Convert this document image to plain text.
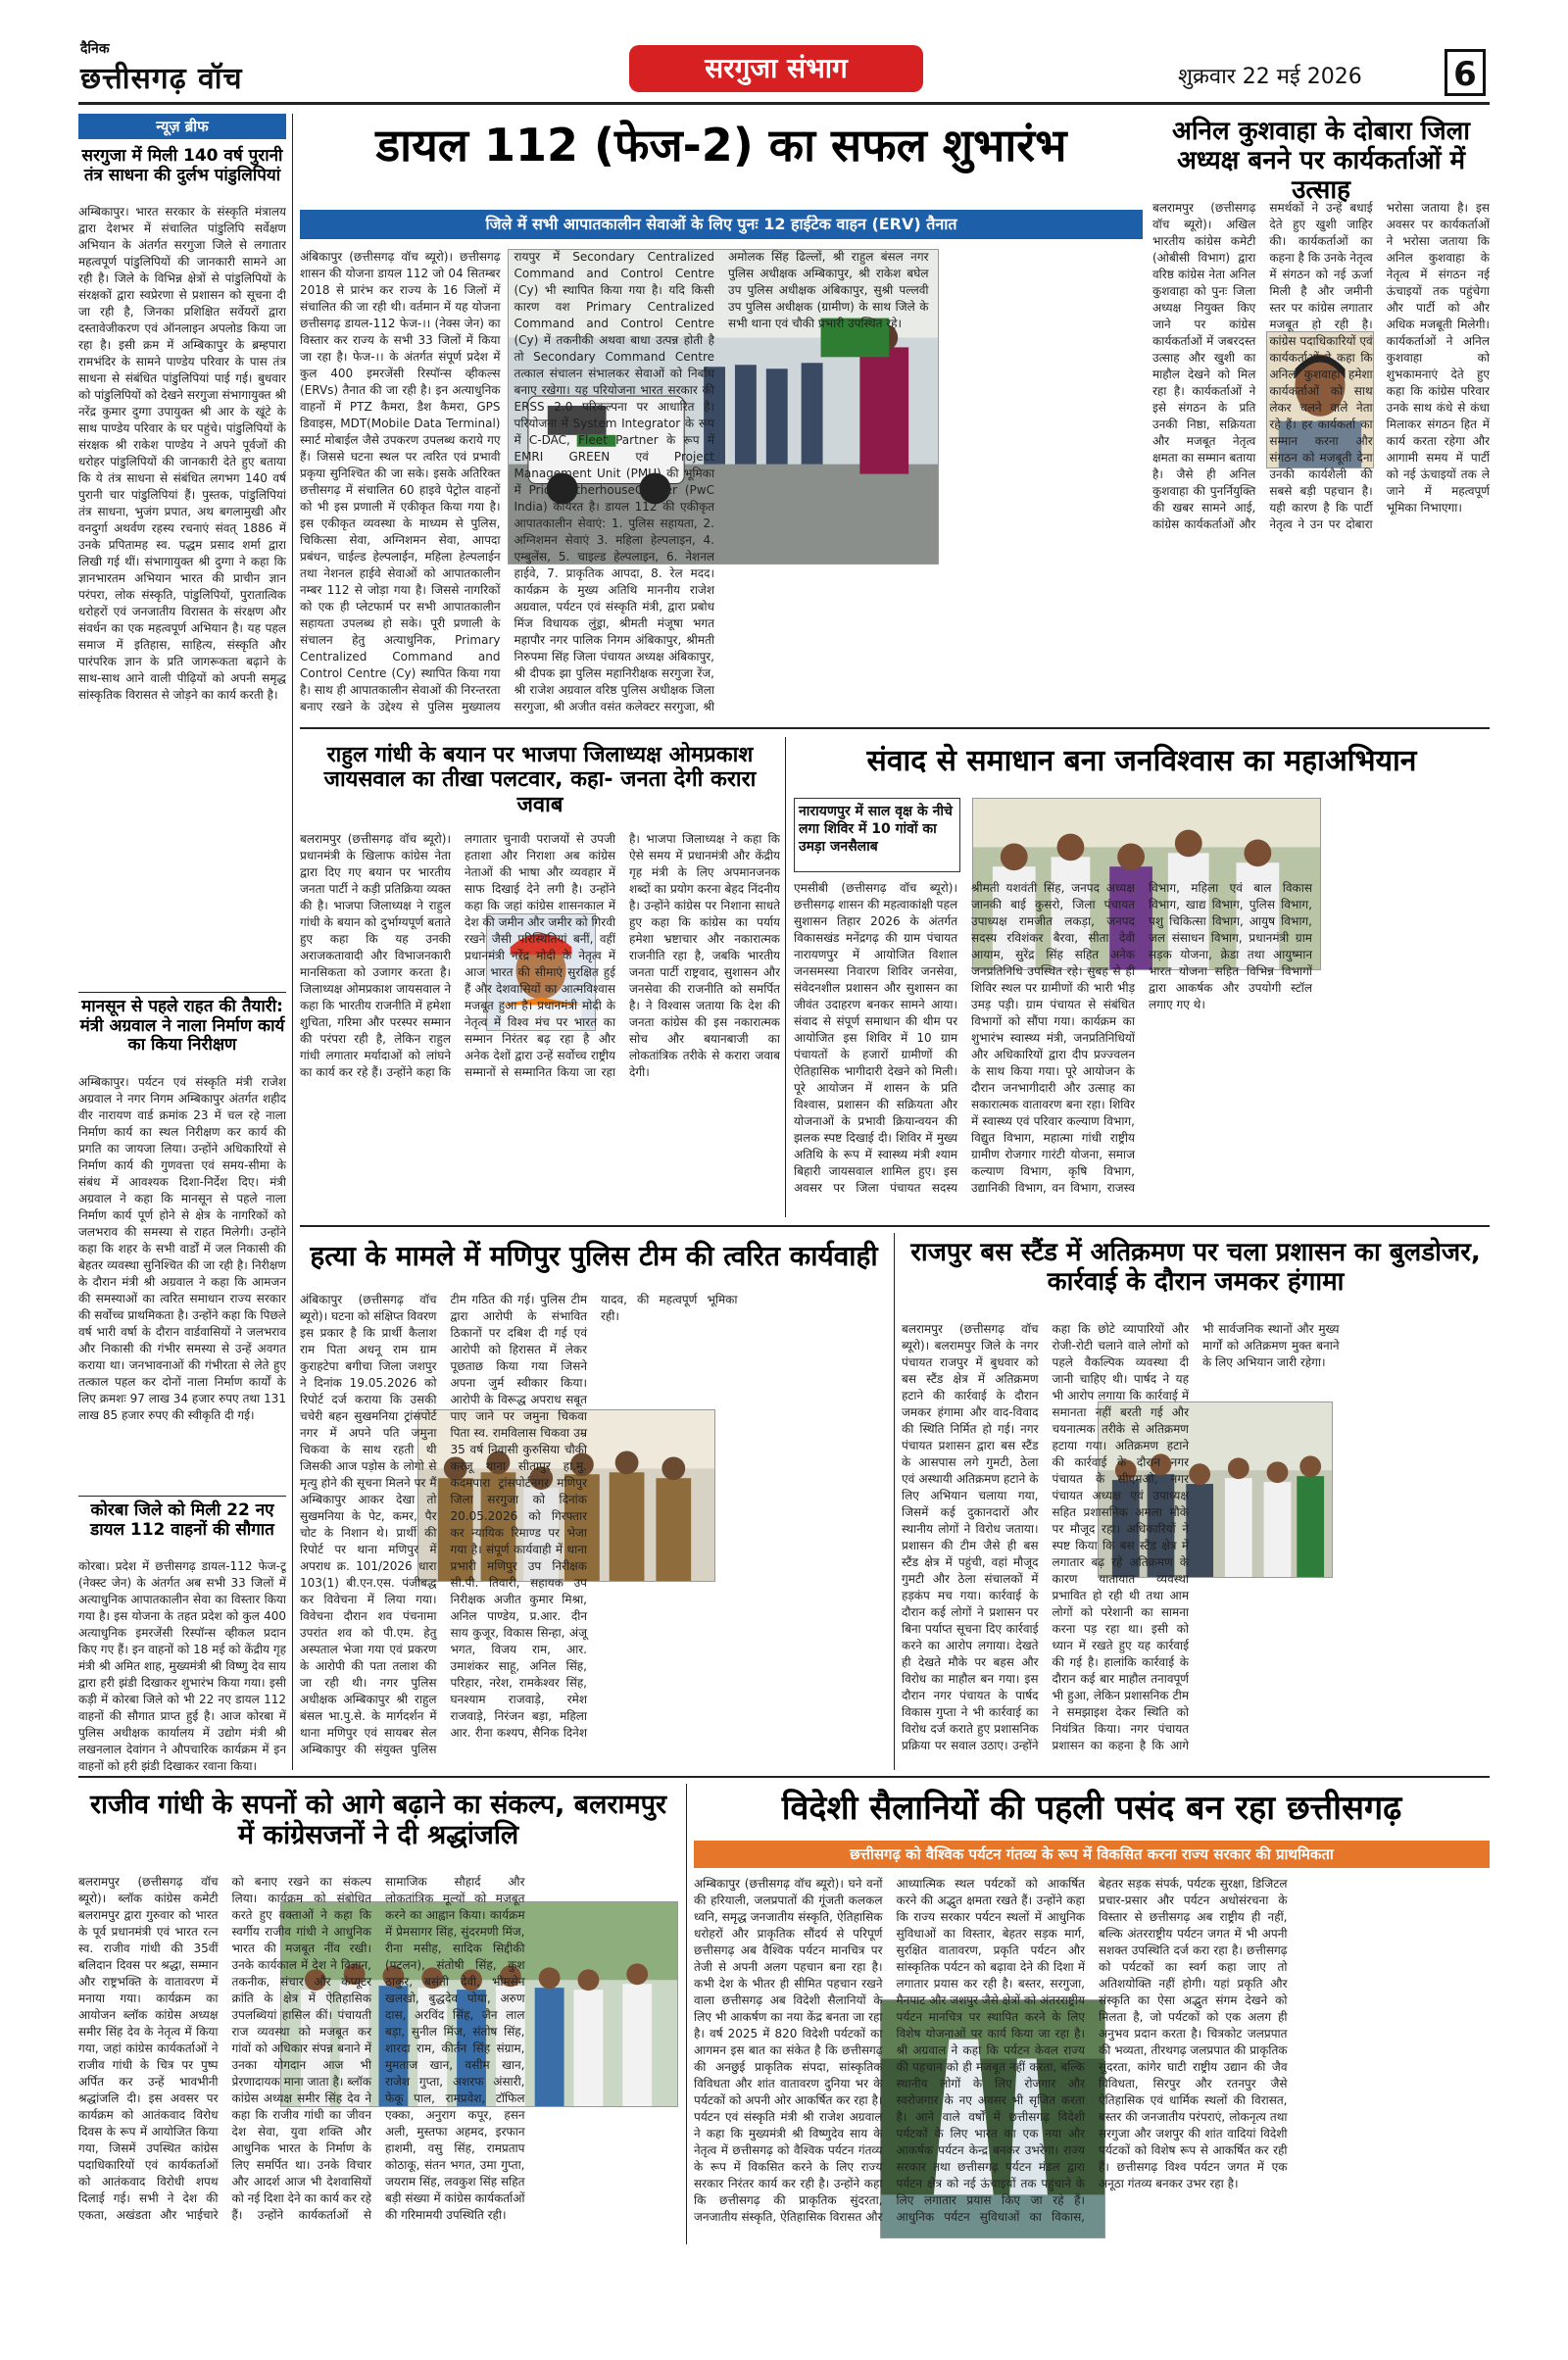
दैनिक
छत्तीसगढ़ वॉच	सरगुजा संभाग	शुक्रवार 22 मई 2026	6
न्यूज़ ब्रीफ
सरगुजा में मिली 140 वर्ष पुरानी तंत्र साधना की दुर्लभ पांडुलिपियां
अम्बिकापुर। भारत सरकार के संस्कृति मंत्रालय द्वारा देशभर में संचालित पांडुलिपि सर्वेक्षण अभियान के अंतर्गत सरगुजा जिले से लगातार महत्वपूर्ण पांडुलिपियों की जानकारी सामने आ रही है। जिले के विभिन्न क्षेत्रों से पांडुलिपियों के संरक्षकों द्वारा स्वप्रेरणा से प्रशासन को सूचना दी जा रही है, जिनका प्रशिक्षित सर्वेयरों द्वारा दस्तावेजीकरण एवं ऑनलाइन अपलोड किया जा रहा है। इसी क्रम में अम्बिकापुर के ब्रम्हपारा रामभंदिर के सामने पाण्डेय परिवार के पास तंत्र साधना से संबंधित पांडुलिपियां पाई गई। बुधवार को पांडुलिपियों को देखने सरगुजा संभागायुक्त श्री नरेंद्र कुमार दुग्गा उपायुक्त श्री आर के खूंटे के साथ पाण्डेय परिवार के घर पहुंचे। पांडुलिपियों के संरक्षक श्री राकेश पाण्डेय ने अपने पूर्वजों की धरोहर पांडुलिपियों की जानकारी देते हुए बताया कि ये तंत्र साधना से संबंधित लगभग 140 वर्ष पुरानी चार पांडुलिपियां हैं। पुस्तक, पांडुलिपियां तंत्र साधना, भुजंग प्रपात, अथ बगलामुखी और वनदुर्गा अथर्वण रहस्य रचनाएं संवत् 1886 में उनके प्रपितामह स्व. पद्धम प्रसाद शर्मा द्वारा लिखी गई थीं। संभागायुक्त श्री दुग्गा ने कहा कि ज्ञानभारतम अभियान भारत की प्राचीन ज्ञान परंपरा, लोक संस्कृति, पांडुलिपियों, पुरातात्विक धरोहरों एवं जनजातीय विरासत के संरक्षण और संवर्धन का एक महत्वपूर्ण अभियान है। यह पहल समाज में इतिहास, साहित्य, संस्कृति और पारंपरिक ज्ञान के प्रति जागरूकता बढ़ाने के साथ-साथ आने वाली पीढ़ियों को अपनी समृद्ध सांस्कृतिक विरासत से जोड़ने का कार्य करती है।
मानसून से पहले राहत की तैयारी: मंत्री अग्रवाल ने नाला निर्माण कार्य का किया निरीक्षण
अम्बिकापुर। पर्यटन एवं संस्कृति मंत्री राजेश अग्रवाल ने नगर निगम अम्बिकापुर अंतर्गत शहीद वीर नारायण वार्ड क्रमांक 23 में चल रहे नाला निर्माण कार्य का स्थल निरीक्षण कर कार्य की प्रगति का जायजा लिया। उन्होंने अधिकारियों से निर्माण कार्य की गुणवत्ता एवं समय-सीमा के संबंध में आवश्यक दिशा-निर्देश दिए। मंत्री अग्रवाल ने कहा कि मानसून से पहले नाला निर्माण कार्य पूर्ण होने से क्षेत्र के नागरिकों को जलभराव की समस्या से राहत मिलेगी। उन्होंने कहा कि शहर के सभी वार्डों में जल निकासी की बेहतर व्यवस्था सुनिश्चित की जा रही है। निरीक्षण के दौरान मंत्री श्री अग्रवाल ने कहा कि आमजन की समस्याओं का त्वरित समाधान राज्य सरकार की सर्वोच्च प्राथमिकता है। उन्होंने कहा कि पिछले वर्ष भारी वर्षा के दौरान वार्डवासियों ने जलभराव और निकासी की गंभीर समस्या से उन्हें अवगत कराया था। जनभावनाओं की गंभीरता से लेते हुए तत्काल पहल कर दोनों नाला निर्माण कार्यों के लिए क्रमशः 97 लाख 34 हजार रुपए तथा 131 लाख 85 हजार रुपए की स्वीकृति दी गई।
कोरबा जिले को मिली 22 नए डायल 112 वाहनों की सौगात
कोरबा। प्रदेश में छत्तीसगढ़ डायल-112 फेज-टू (नेक्स्ट जेन) के अंतर्गत अब सभी 33 जिलों में अत्याधुनिक आपातकालीन सेवा का विस्तार किया गया है। इस योजना के तहत प्रदेश को कुल 400 अत्याधुनिक इमरजेंसी रिस्पॉन्स व्हीकल प्रदान किए गए हैं। इन वाहनों को 18 मई को केंद्रीय गृह मंत्री श्री अमित शाह, मुख्यमंत्री श्री विष्णु देव साय द्वारा हरी झंडी दिखाकर शुभारंभ किया गया। इसी कड़ी में कोरबा जिले को भी 22 नए डायल 112 वाहनों की सौगात प्राप्त हुई है। आज कोरबा में पुलिस अधीक्षक कार्यालय में उद्योग मंत्री श्री लखनलाल देवांगन ने औपचारिक कार्यक्रम में इन वाहनों को हरी झंडी दिखाकर रवाना किया।
डायल 112 (फेज-2) का सफल शुभारंभ
जिले में सभी आपातकालीन सेवाओं के लिए पुनः 12 हाईटेक वाहन (ERV) तैनात
अंबिकापुर (छत्तीसगढ़ वॉच ब्यूरो)। छत्तीसगढ़ शासन की योजना डायल 112 जो 04 सितम्बर 2018 से प्रारंभ कर राज्य के 16 जिलों में संचालित की जा रही थी। वर्तमान में यह योजना छत्तीसगढ़ डायल-112 फेज-।। (नेक्स जेन) का विस्तार कर राज्य के सभी 33 जिलों में किया जा रहा है। फेज-।। के अंतर्गत संपूर्ण प्रदेश में कुल 400 इमरजेंसी रिस्पॉन्स व्हीकल्स (ERVs) तैनात की जा रही है। इन अत्याधुनिक वाहनों में PTZ कैमरा, डैश कैमरा, GPS डिवाइस, MDT(Mobile Data Terminal) स्मार्ट मोबाईल जैसे उपकरण उपलब्ध कराये गए हैं। जिससे घटना स्थल पर त्वरित एवं प्रभावी प्रकृया सुनिश्चित की जा सके। इसके अतिरिक्त छत्तीसगढ़ में संचालित 60 हाइवे पेट्रोल वाहनों को भी इस प्रणाली में एकीकृत किया गया है। इस एकीकृत व्यवस्था के माध्यम से पुलिस, चिकित्सा सेवा, अग्निशमन सेवा, आपदा प्रबंधन, चाईल्ड हेल्पलाईन, महिला हेल्पलाईन तथा नेशनल हाईवे सेवाओं को आपातकालीन नम्बर 112 से जोड़ा गया है। जिससे नागरिकों को एक ही प्लेटफार्म पर सभी आपातकालीन सहायता उपलब्ध हो सके। पूरी प्रणाली के संचालन हेतु अत्याधुनिक, Primary Centralized Command and Control Centre (Cy) स्थापित किया गया है। साथ ही आपातकालीन सेवाओं की निरन्तरता बनाए रखने के उद्देश्य से पुलिस मुख्यालय रायपुर में Secondary Centralized Command and Control Centre (Cy) भी स्थापित किया गया है। यदि किसी कारण वश Primary Centralized Command and Control Centre (Cy) में तकनीकी अथवा बाधा उत्पन्न होती है तो Secondary Command Centre तत्काल संचालन संभालकर सेवाओं को निर्बाध बनाए रखेगा। यह परियोजना भारत सरकार की ERSS 2.0 परिकल्पना पर आधारित है। परियोजना में System Integrator के रूप में C-DAC, Fleet Partner के रूप में EMRI GREEN एवं Project Management Unit (PMU) की भूमिका में PriceWatherhouseCooper (PwC India) कार्यरत है। डायल 112 की एकीकृत आपातकालीन सेवाएं: 1. पुलिस सहायता, 2. अग्निशमन सेवाएं 3. महिला हेल्पलाइन, 4. एम्बुलेंस, 5. चाइल्ड हेल्पलाइन, 6. नेशनल हाईवे, 7. प्राकृतिक आपदा, 8. रेल मदद। कार्यक्रम के मुख्य अतिथि माननीय राजेश अग्रवाल, पर्यटन एवं संस्कृति मंत्री, द्वारा प्रबोध मिंज विधायक लुंड्रा, श्रीमती मंजूषा भगत महापौर नगर पालिक निगम अंबिकापुर, श्रीमती निरुपमा सिंह जिला पंचायत अध्यक्ष अंबिकापुर, श्री दीपक झा पुलिस महानिरीक्षक सरगुजा रेंज, श्री राजेश अग्रवाल वरिष्ठ पुलिस अधीक्षक जिला सरगुजा, श्री अजीत वसंत कलेक्टर सरगुजा, श्री अमोलक सिंह ढिल्लों, श्री राहुल बंसल नगर पुलिस अधीक्षक अम्बिकापुर, श्री राकेश बघेल उप पुलिस अधीक्षक अंबिकापुर, सुश्री पल्लवी उप पुलिस अधीक्षक (ग्रामीण) के साथ जिले के सभी थाना एवं चौकी प्रभारी उपस्थित रहे।
अनिल कुशवाहा के दोबारा जिला अध्यक्ष बनने पर कार्यकर्ताओं में उत्साह
बलरामपुर (छत्तीसगढ़ वॉच ब्यूरो)। अखिल भारतीय कांग्रेस कमेटी (ओबीसी विभाग) द्वारा वरिष्ठ कांग्रेस नेता अनिल कुशवाहा को पुनः जिला अध्यक्ष नियुक्त किए जाने पर कांग्रेस कार्यकर्ताओं में जबरदस्त उत्साह और खुशी का माहौल देखने को मिल रहा है। कार्यकर्ताओं ने इसे संगठन के प्रति उनकी निष्ठा, सक्रियता और मजबूत नेतृत्व क्षमता का सम्मान बताया है। जैसे ही अनिल कुशवाहा की पुनर्नियुक्ति की खबर सामने आई, कांग्रेस कार्यकर्ताओं और समर्थकों ने उन्हें बधाई देते हुए खुशी जाहिर की। कार्यकर्ताओं का कहना है कि उनके नेतृत्व में संगठन को नई ऊर्जा मिली है और जमीनी स्तर पर कांग्रेस लगातार मजबूत हो रही है। कांग्रेस पदाधिकारियों एवं कार्यकर्ताओं ने कहा कि अनिल कुशवाहा हमेशा कार्यकर्ताओं को साथ लेकर चलने वाले नेता रहे हैं। हर कार्यकर्ता का सम्मान करना और संगठन को मजबूती देना उनकी कार्यशैली की सबसे बड़ी पहचान है। यही कारण है कि पार्टी नेतृत्व ने उन पर दोबारा भरोसा जताया है। इस अवसर पर कार्यकर्ताओं ने भरोसा जताया कि अनिल कुशवाहा के नेतृत्व में संगठन नई ऊंचाइयों तक पहुंचेगा और पार्टी को और अधिक मजबूती मिलेगी। कार्यकर्ताओं ने अनिल कुशवाहा को शुभकामनाएं देते हुए कहा कि कांग्रेस परिवार उनके साथ कंधे से कंधा मिलाकर संगठन हित में कार्य करता रहेगा और आगामी समय में पार्टी को नई ऊंचाइयों तक ले जाने में महत्वपूर्ण भूमिका निभाएगा।
राहुल गांधी के बयान पर भाजपा जिलाध्यक्ष ओमप्रकाश जायसवाल का तीखा पलटवार, कहा- जनता देगी करारा जवाब
बलरामपुर (छत्तीसगढ़ वॉच ब्यूरो)। प्रधानमंत्री के खिलाफ कांग्रेस नेता द्वारा दिए गए बयान पर भारतीय जनता पार्टी ने कड़ी प्रतिक्रिया व्यक्त की है। भाजपा जिलाध्यक्ष ने राहुल गांधी के बयान को दुर्भाग्यपूर्ण बताते हुए कहा कि यह उनकी अराजकतावादी और विभाजनकारी मानसिकता को उजागर करता है। जिलाध्यक्ष ओमप्रकाश जायसवाल ने कहा कि भारतीय राजनीति में हमेशा शुचिता, गरिमा और परस्पर सम्मान की परंपरा रही है, लेकिन राहुल गांधी लगातार मर्यादाओं को लांघने का कार्य कर रहे हैं। उन्होंने कहा कि लगातार चुनावी पराजयों से उपजी हताशा और निराशा अब कांग्रेस नेताओं की भाषा और व्यवहार में साफ दिखाई देने लगी है। उन्होंने कहा कि जहां कांग्रेस शासनकाल में देश की जमीन और जमीर को गिरवी रखने जैसी परिस्थितियां बनीं, वहीं प्रधानमंत्री नरेंद्र मोदी के नेतृत्व में आज भारत की सीमाएं सुरक्षित हुई हैं और देशवासियों का आत्मविश्वास मजबूत हुआ है। प्रधानमंत्री मोदी के नेतृत्व में विश्व मंच पर भारत का सम्मान निरंतर बढ़ रहा है और अनेक देशों द्वारा उन्हें सर्वोच्च राष्ट्रीय सम्मानों से सम्मानित किया जा रहा है। भाजपा जिलाध्यक्ष ने कहा कि ऐसे समय में प्रधानमंत्री और केंद्रीय गृह मंत्री के लिए अपमानजनक शब्दों का प्रयोग करना बेहद निंदनीय है। उन्होंने कांग्रेस पर निशाना साधते हुए कहा कि कांग्रेस का पर्याय हमेशा भ्रष्टाचार और नकारात्मक राजनीति रहा है, जबकि भारतीय जनता पार्टी राष्ट्रवाद, सुशासन और जनसेवा की राजनीति को समर्पित है। ने विश्वास जताया कि देश की जनता कांग्रेस की इस नकारात्मक सोच और बयानबाजी का लोकतांत्रिक तरीके से करारा जवाब देगी।
संवाद से समाधान बना जनविश्वास का महाअभियान
नारायणपुर में साल वृक्ष के नीचे लगा शिविर में 10 गांवों का उमड़ा जनसैलाब
एमसीबी (छत्तीसगढ़ वॉच ब्यूरो)। छत्तीसगढ़ शासन की महत्वाकांक्षी पहल सुशासन तिहार 2026 के अंतर्गत विकासखंड मनेंद्रगढ़ की ग्राम पंचायत नारायणपुर में आयोजित विशाल जनसमस्या निवारण शिविर जनसेवा, संवेदनशील प्रशासन और सुशासन का जीवंत उदाहरण बनकर सामने आया। संवाद से संपूर्ण समाधान की थीम पर आयोजित इस शिविर में 10 ग्राम पंचायतों के हजारों ग्रामीणों की ऐतिहासिक भागीदारी देखने को मिली। पूरे आयोजन में शासन के प्रति विश्वास, प्रशासन की सक्रियता और योजनाओं के प्रभावी क्रियान्वयन की झलक स्पष्ट दिखाई दी। शिविर में मुख्य अतिथि के रूप में स्वास्थ्य मंत्री श्याम बिहारी जायसवाल शामिल हुए। इस अवसर पर जिला पंचायत सदस्य श्रीमती यशवंती सिंह, जनपद अध्यक्ष जानकी बाई कुसरो, जिला पंचायत उपाध्यक्ष रामजीत लकड़ा, जनपद सदस्य रविशंकर बैरवा, सीता देवी आयाम, सुरेंद्र सिंह सहित अनेक जनप्रतिनिधि उपस्थित रहे। सुबह से ही शिविर स्थल पर ग्रामीणों की भारी भीड़ उमड़ पड़ी। ग्राम पंचायत से संबंधित विभागों को सौंपा गया। कार्यक्रम का शुभारंभ स्वास्थ्य मंत्री, जनप्रतिनिधियों और अधिकारियों द्वारा दीप प्रज्ज्वलन के साथ किया गया। पूरे आयोजन के दौरान जनभागीदारी और उत्साह का सकारात्मक वातावरण बना रहा। शिविर में स्वास्थ्य एवं परिवार कल्याण विभाग, विद्युत विभाग, महात्मा गांधी राष्ट्रीय ग्रामीण रोजगार गारंटी योजना, समाज कल्याण विभाग, कृषि विभाग, उद्यानिकी विभाग, वन विभाग, राजस्व विभाग, महिला एवं बाल विकास विभाग, खाद्य विभाग, पुलिस विभाग, पशु चिकित्सा विभाग, आयुष विभाग, जल संसाधन विभाग, प्रधानमंत्री ग्राम सड़क योजना, क्रेडा तथा आयुष्मान भारत योजना सहित विभिन्न विभागों द्वारा आकर्षक और उपयोगी स्टॉल लगाए गए थे।
हत्या के मामले में मणिपुर पुलिस टीम की त्वरित कार्यवाही
अंबिकापुर (छत्तीसगढ़ वॉच ब्यूरो)। घटना को संक्षिप्त विवरण इस प्रकार है कि प्रार्थी कैलाश राम पिता अधनू राम ग्राम कुराहटेपा बगीचा जिला जशपुर ने दिनांक 19.05.2026 को रिपोर्ट दर्ज कराया कि उसकी चचेरी बहन सुखमनिया ट्रांसपोर्ट नगर में अपने पति जमुना चिकवा के साथ रहती थी जिसकी आज पड़ोस के लोगो से मृत्यु होने की सूचना मिलने पर मैं अम्बिकापुर आकर देखा तो सुखमनिया के पेट, कमर, पैर चोट के निशान थे। प्रार्थी की रिपोर्ट पर थाना मणिपुर में अपराध क्र. 101/2026 धारा 103(1) बी.एन.एस. पंजीबद्ध कर विवेचना में लिया गया। विवेचना दौरान शव पंचनामा उपरांत शव को पी.एम. हेतु अस्पताल भेजा गया एवं प्रकरण के आरोपी की पता तलाश की जा रही थी। नगर पुलिस अधीक्षक अम्बिकापुर श्री राहुल बंसल भा.पु.से. के मार्गदर्शन में थाना मणिपुर एवं सायबर सेल अम्बिकापुर की संयुक्त पुलिस टीम गठित की गई। पुलिस टीम द्वारा आरोपी के संभावित ठिकानों पर दबिश दी गई एवं आरोपी को हिरासत में लेकर पूछताछ किया गया जिसने अपना जुर्म स्वीकार किया। आरोपी के विरूद्ध अपराध सबूत पाए जाने पर जमुना चिकवा पिता स्व. रामविलास चिकवा उम्र 35 वर्ष निवासी कुरुसिया चौकी करंजू थाना सीतापुर हा.मु. कदमपारा ट्रांसपोर्टनगर मणिपुर जिला सरगुजा को दिनांक 20.05.2026 को गिरफ्तार कर न्यायिक रिमाण्ड पर भेजा गया है। संपूर्ण कार्यवाही में थाना प्रभारी मणिपुर उप निरीक्षक सी.पी. तिवारी, सहायक उप निरीक्षक अजीत कुमार मिश्रा, अनिल पाण्डेय, प्र.आर. दीन साय कुजूर, विकास सिन्हा, अंजू भगत, विजय राम, आर. उमाशंकर साहू, अनिल सिंह, परिहार, नरेश, रामकेश्वर सिंह, घनश्याम राजवाड़े, रमेश राजवाड़े, निरंजन बड़ा, महिला आर. रीना कश्यप, सैनिक दिनेश यादव, की महत्वपूर्ण भूमिका रही।
राजपुर बस स्टैंड में अतिक्रमण पर चला प्रशासन का बुलडोजर, कार्रवाई के दौरान जमकर हंगामा
बलरामपुर (छत्तीसगढ़ वॉच ब्यूरो)। बलरामपुर जिले के नगर पंचायत राजपुर में बुधवार को बस स्टैंड क्षेत्र में अतिक्रमण हटाने की कार्रवाई के दौरान जमकर हंगामा और वाद-विवाद की स्थिति निर्मित हो गई। नगर पंचायत प्रशासन द्वारा बस स्टैंड के आसपास लगे गुमटी, ठेला एवं अस्थायी अतिक्रमण हटाने के लिए अभियान चलाया गया, जिसमें कई दुकानदारों और स्थानीय लोगों ने विरोध जताया। प्रशासन की टीम जैसे ही बस स्टैंड क्षेत्र में पहुंची, वहां मौजूद गुमटी और ठेला संचालकों में हड़कंप मच गया। कार्रवाई के दौरान कई लोगों ने प्रशासन पर बिना पर्याप्त सूचना दिए कार्रवाई करने का आरोप लगाया। देखते ही देखते मौके पर बहस और विरोध का माहौल बन गया। इस दौरान नगर पंचायत के पार्षद विकास गुप्ता ने भी कार्रवाई का विरोध दर्ज कराते हुए प्रशासनिक प्रक्रिया पर सवाल उठाए। उन्होंने कहा कि छोटे व्यापारियों और रोजी-रोटी चलाने वाले लोगों को पहले वैकल्पिक व्यवस्था दी जानी चाहिए थी। पार्षद ने यह भी आरोप लगाया कि कार्रवाई में समानता नहीं बरती गई और चयनात्मक तरीके से अतिक्रमण हटाया गया। अतिक्रमण हटाने की कार्रवाई के दौरान नगर पंचायत के सीएमओ, नगर पंचायत अध्यक्ष एवं उपाध्यक्ष सहित प्रशासनिक अमला मौके पर मौजूद रहा। अधिकारियों ने स्पष्ट किया कि बस स्टैंड क्षेत्र में लगातार बढ़ रहे अतिक्रमण के कारण यातायात व्यवस्था प्रभावित हो रही थी तथा आम लोगों को परेशानी का सामना करना पड़ रहा था। इसी को ध्यान में रखते हुए यह कार्रवाई की गई है। हालांकि कार्रवाई के दौरान कई बार माहौल तनावपूर्ण भी हुआ, लेकिन प्रशासनिक टीम ने समझाइश देकर स्थिति को नियंत्रित किया। नगर पंचायत प्रशासन का कहना है कि आगे भी सार्वजनिक स्थानों और मुख्य मार्गों को अतिक्रमण मुक्त बनाने के लिए अभियान जारी रहेगा।
राजीव गांधी के सपनों को आगे बढ़ाने का संकल्प, बलरामपुर में कांग्रेसजनों ने दी श्रद्धांजलि
बलरामपुर (छत्तीसगढ़ वॉच ब्यूरो)। ब्लॉक कांग्रेस कमेटी बलरामपुर द्वारा गुरुवार को भारत के पूर्व प्रधानमंत्री एवं भारत रत्न स्व. राजीव गांधी की 35वीं बलिदान दिवस पर श्रद्धा, सम्मान और राष्ट्रभक्ति के वातावरण में मनाया गया। कार्यक्रम का आयोजन ब्लॉक कांग्रेस अध्यक्ष समीर सिंह देव के नेतृत्व में किया गया, जहां कांग्रेस कार्यकर्ताओं ने राजीव गांधी के चित्र पर पुष्प अर्पित कर उन्हें भावभीनी श्रद्धांजलि दी। इस अवसर पर कार्यक्रम को आतंकवाद विरोध दिवस के रूप में आयोजित किया गया, जिसमें उपस्थित कांग्रेस पदाधिकारियों एवं कार्यकर्ताओं को आतंकवाद विरोधी शपथ दिलाई गई। सभी ने देश की एकता, अखंडता और भाईचारे को बनाए रखने का संकल्प लिया। कार्यक्रम को संबोधित करते हुए वक्ताओं ने कहा कि स्वर्गीय राजीव गांधी ने आधुनिक भारत की मजबूत नींव रखी। उनके कार्यकाल में देश ने विज्ञान, तकनीक, संचार और कंप्यूटर क्रांति के क्षेत्र में ऐतिहासिक उपलब्धियां हासिल कीं। पंचायती राज व्यवस्था को मजबूत कर गांवों को अधिकार संपन्न बनाने में उनका योगदान आज भी प्रेरणादायक माना जाता है। ब्लॉक कांग्रेस अध्यक्ष समीर सिंह देव ने कहा कि राजीव गांधी का जीवन देश सेवा, युवा शक्ति और आधुनिक भारत के निर्माण के लिए समर्पित था। उनके विचार और आदर्श आज भी देशवासियों को नई दिशा देने का कार्य कर रहे हैं। उन्होंने कार्यकर्ताओं से सामाजिक सौहार्द और लोकतांत्रिक मूल्यों को मजबूत करने का आह्वान किया। कार्यक्रम में प्रेमसागर सिंह, सुंदरमणी मिंज, रीना मसीह, सादिक सिद्दीकी (पटलन), संतोषी सिंह, कुश ठाकुर, बसंती देवी, भीमसेन खलखो, बुद्धदेव पोया, अरुण दास, अरविंद सिंह, जैन लाल बड़ा, सुनील मिंज, संतोष सिंह, शारदा राम, कीर्तन सिंह संग्राम, मुमताज खान, वसीम खान, राजेश गुप्ता, अशरफ अंसारी, फेकू पाल, रामप्रवेश, टॉफिल एक्का, अनुराग कपूर, हसन अली, मुस्तफा अहमद, इरफान हाशमी, वसु सिंह, रामप्रताप कोठाकू, संतन भगत, उमा गुप्ता, जयराम सिंह, लवकुश सिंह सहित बड़ी संख्या में कांग्रेस कार्यकर्ताओं की गरिमामयी उपस्थिति रही।
विदेशी सैलानियों की पहली पसंद बन रहा छत्तीसगढ़
छत्तीसगढ़ को वैश्विक पर्यटन गंतव्य के रूप में विकसित करना राज्य सरकार की प्राथमिकता
अम्बिकापुर (छत्तीसगढ़ वॉच ब्यूरो)। घने वनों की हरियाली, जलप्रपातों की गूंजती कलकल ध्वनि, समृद्ध जनजातीय संस्कृति, ऐतिहासिक धरोहरों और प्राकृतिक सौंदर्य से परिपूर्ण छत्तीसगढ़ अब वैश्विक पर्यटन मानचित्र पर तेजी से अपनी अलग पहचान बना रहा है। कभी देश के भीतर ही सीमित पहचान रखने वाला छत्तीसगढ़ अब विदेशी सैलानियों के लिए भी आकर्षण का नया केंद्र बनता जा रहा है। वर्ष 2025 में 820 विदेशी पर्यटकों का आगमन इस बात का संकेत है कि छत्तीसगढ़ की अनछुई प्राकृतिक संपदा, सांस्कृतिक विविधता और शांत वातावरण दुनिया भर के पर्यटकों को अपनी ओर आकर्षित कर रहा है। पर्यटन एवं संस्कृति मंत्री श्री राजेश अग्रवाल ने कहा कि मुख्यमंत्री श्री विष्णुदेव साय के नेतृत्व में छत्तीसगढ़ को वैश्विक पर्यटन गंतव्य के रूप में विकसित करने के लिए राज्य सरकार निरंतर कार्य कर रही है। उन्होंने कहा कि छत्तीसगढ़ की प्राकृतिक सुंदरता, जनजातीय संस्कृति, ऐतिहासिक विरासत और आध्यात्मिक स्थल पर्यटकों को आकर्षित करने की अद्भुत क्षमता रखते हैं। उन्होंने कहा कि राज्य सरकार पर्यटन स्थलों में आधुनिक सुविधाओं का विस्तार, बेहतर सड़क मार्ग, सुरक्षित वातावरण, प्रकृति पर्यटन और सांस्कृतिक पर्यटन को बढ़ावा देने की दिशा में लगातार प्रयास कर रही है। बस्तर, सरगुजा, मैनपाट और जशपुर जैसे क्षेत्रों को अंतरराष्ट्रीय पर्यटन मानचित्र पर स्थापित करने के लिए विशेष योजनाओं पर कार्य किया जा रहा है। श्री अग्रवाल ने कहा कि पर्यटन केवल राज्य की पहचान को ही मजबूत नहीं करता, बल्कि स्थानीय लोगों के लिए रोजगार और स्वरोजगार के नए अवसर भी सृजित करता है। आने वाले वर्षों में छत्तीसगढ़ विदेशी पर्यटकों के लिए भारत का एक नया और आकर्षक पर्यटन केन्द्र बनकर उभरेगा। राज्य सरकार तथा छत्तीसगढ़ पर्यटन मंडल द्वारा पर्यटन क्षेत्र को नई ऊंचाइयों तक पहुंचाने के लिए लगातार प्रयास किए जा रहे हैं। आधुनिक पर्यटन सुविधाओं का विकास, बेहतर सड़क संपर्क, पर्यटक सुरक्षा, डिजिटल प्रचार-प्रसार और पर्यटन अधोसंरचना के विस्तार से छत्तीसगढ़ अब राष्ट्रीय ही नहीं, बल्कि अंतरराष्ट्रीय पर्यटन जगत में भी अपनी सशक्त उपस्थिति दर्ज करा रहा है। छत्तीसगढ़ को पर्यटकों का स्वर्ग कहा जाए तो अतिशयोक्ति नहीं होगी। यहां प्रकृति और संस्कृति का ऐसा अद्भुत संगम देखने को मिलता है, जो पर्यटकों को एक अलग ही अनुभव प्रदान करता है। चित्रकोट जलप्रपात की भव्यता, तीरथगढ़ जलप्रपात की प्राकृतिक सुंदरता, कांगेर घाटी राष्ट्रीय उद्यान की जैव विविधता, सिरपुर और रतनपुर जैसे ऐतिहासिक एवं धार्मिक स्थलों की विरासत, बस्तर की जनजातीय परंपराएं, लोकनृत्य तथा सरगुजा और जशपुर की शांत वादियां विदेशी पर्यटकों को विशेष रूप से आकर्षित कर रही हैं। छत्तीसगढ़ विश्व पर्यटन जगत में एक अनूठा गंतव्य बनकर उभर रहा है।
